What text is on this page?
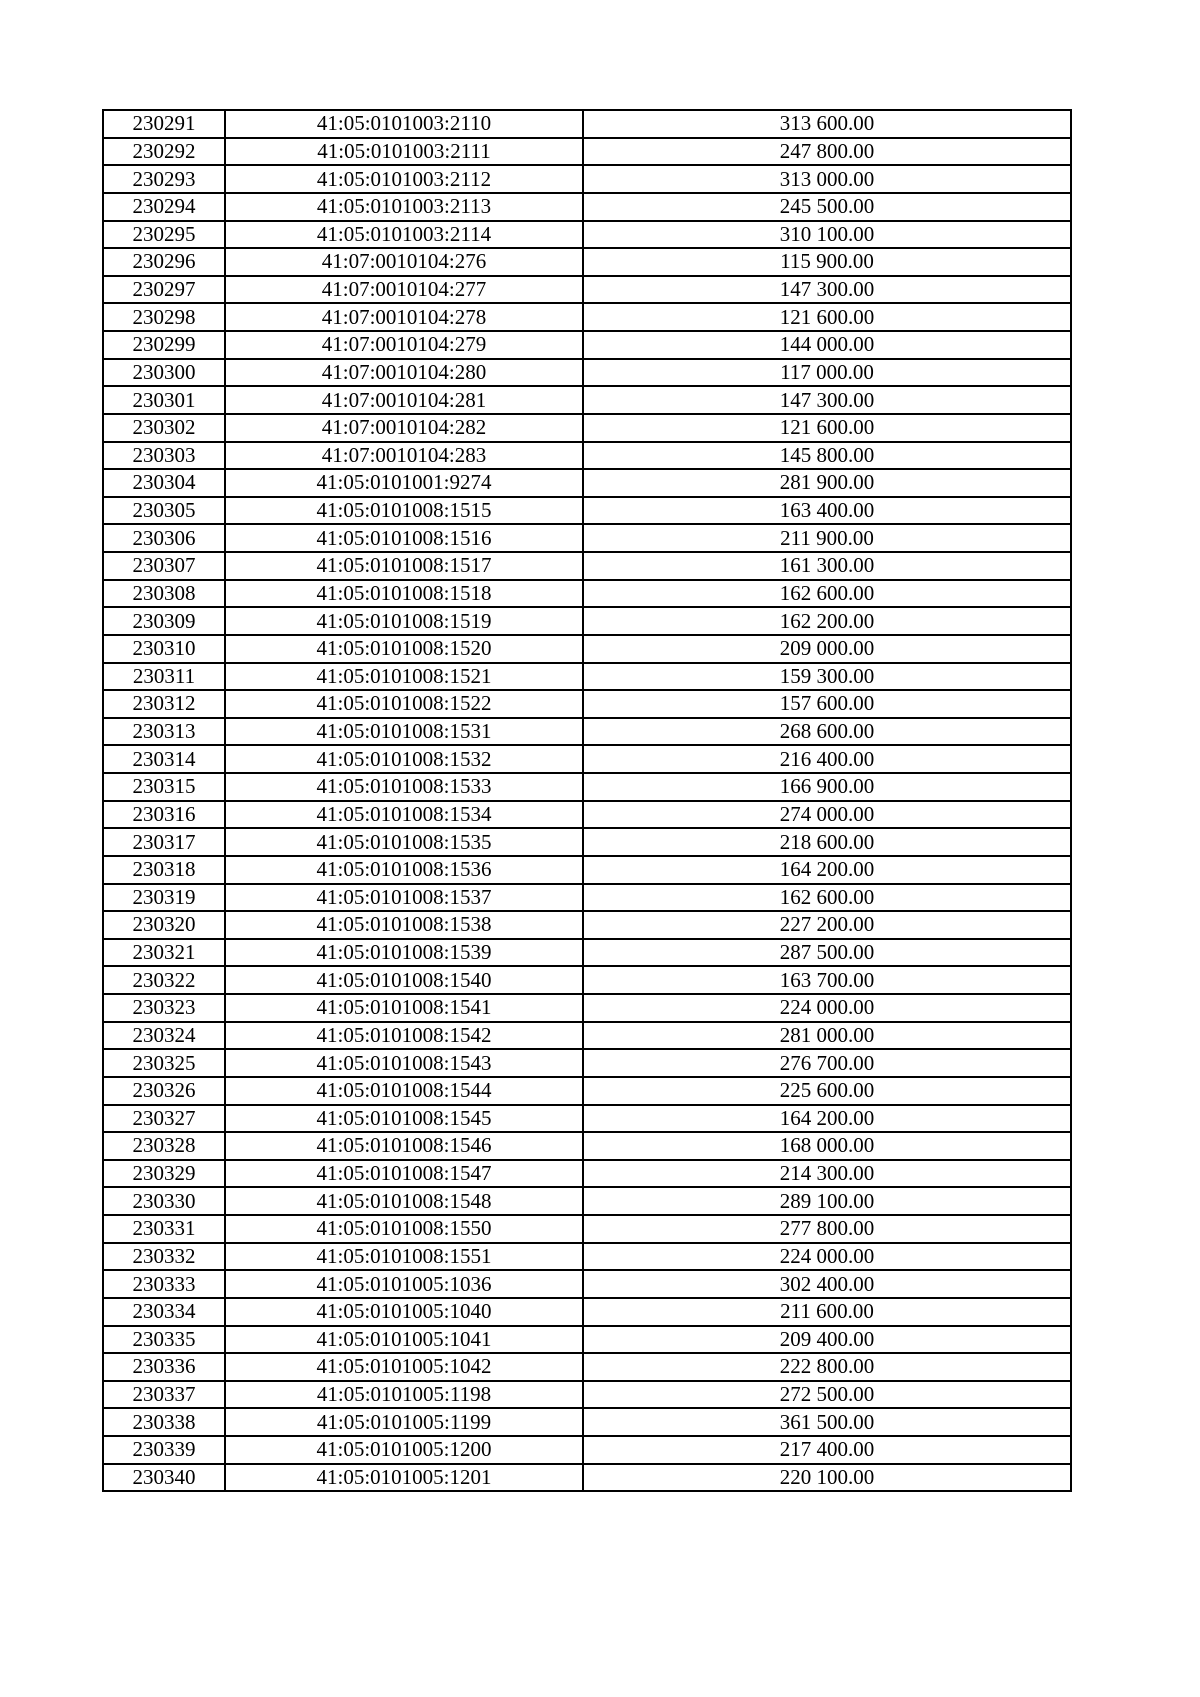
230291	41:05:0101003:2110	313 600.00
230292	41:05:0101003:2111	247 800.00
230293	41:05:0101003:2112	313 000.00
230294	41:05:0101003:2113	245 500.00
230295	41:05:0101003:2114	310 100.00
230296	41:07:0010104:276	115 900.00
230297	41:07:0010104:277	147 300.00
230298	41:07:0010104:278	121 600.00
230299	41:07:0010104:279	144 000.00
230300	41:07:0010104:280	117 000.00
230301	41:07:0010104:281	147 300.00
230302	41:07:0010104:282	121 600.00
230303	41:07:0010104:283	145 800.00
230304	41:05:0101001:9274	281 900.00
230305	41:05:0101008:1515	163 400.00
230306	41:05:0101008:1516	211 900.00
230307	41:05:0101008:1517	161 300.00
230308	41:05:0101008:1518	162 600.00
230309	41:05:0101008:1519	162 200.00
230310	41:05:0101008:1520	209 000.00
230311	41:05:0101008:1521	159 300.00
230312	41:05:0101008:1522	157 600.00
230313	41:05:0101008:1531	268 600.00
230314	41:05:0101008:1532	216 400.00
230315	41:05:0101008:1533	166 900.00
230316	41:05:0101008:1534	274 000.00
230317	41:05:0101008:1535	218 600.00
230318	41:05:0101008:1536	164 200.00
230319	41:05:0101008:1537	162 600.00
230320	41:05:0101008:1538	227 200.00
230321	41:05:0101008:1539	287 500.00
230322	41:05:0101008:1540	163 700.00
230323	41:05:0101008:1541	224 000.00
230324	41:05:0101008:1542	281 000.00
230325	41:05:0101008:1543	276 700.00
230326	41:05:0101008:1544	225 600.00
230327	41:05:0101008:1545	164 200.00
230328	41:05:0101008:1546	168 000.00
230329	41:05:0101008:1547	214 300.00
230330	41:05:0101008:1548	289 100.00
230331	41:05:0101008:1550	277 800.00
230332	41:05:0101008:1551	224 000.00
230333	41:05:0101005:1036	302 400.00
230334	41:05:0101005:1040	211 600.00
230335	41:05:0101005:1041	209 400.00
230336	41:05:0101005:1042	222 800.00
230337	41:05:0101005:1198	272 500.00
230338	41:05:0101005:1199	361 500.00
230339	41:05:0101005:1200	217 400.00
230340	41:05:0101005:1201	220 100.00
